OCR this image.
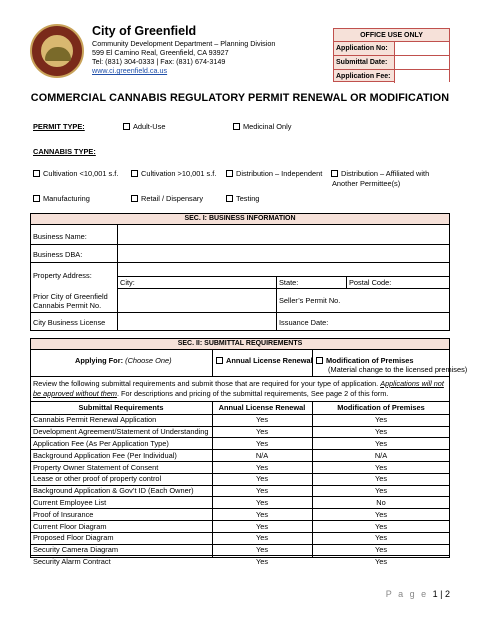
City of Greenfield
Community Development Department – Planning Division
599 El Camino Real, Greenfield, CA 93927
Tel: (831) 304-0333 | Fax: (831) 674-3149
www.ci.greenfield.ca.us
OFFICE USE ONLY
Application No:
Submittal Date:
Application Fee:
COMMERCIAL CANNABIS REGULATORY PERMIT RENEWAL OR MODIFICATION
PERMIT TYPE:	Adult-Use	Medicinal Only
CANNABIS TYPE:
Cultivation <10,001 s.f.	Cultivation >10,001 s.f.	Distribution – Independent	Distribution – Affiliated with
Another Permittee(s)
Manufacturing	Retail / Dispensary	Testing
SEC. I: BUSINESS INFORMATION
Business Name:
Business DBA:
Property Address:
City:	State:	Postal Code:
Prior City of Greenfield
Cannabis Permit No.
Seller’s Permit No.
City Business License	Issuance Date:
SEC. II: SUBMITTAL REQUIREMENTS
Applying For: (Choose One)	Annual License Renewal	Modification of Premises
(Material change to the licensed premises)
Review the following submittal requirements and submit those that are required for your type of application. Applications will not
be approved without them. For descriptions and pricing of the submittal requirements, See page 2 of this form.
Submittal Requirements	Annual License Renewal	Modification of Premises
Cannabis Permit Renewal Application	Yes	Yes
Development Agreement/Statement of Understanding	Yes	Yes
Application Fee (As Per Application Type)	Yes	Yes
Background Application Fee (Per Individual)	N/A	N/A
Property Owner Statement of Consent	Yes	Yes
Lease or other proof of property control	Yes	Yes
Background Application & Gov’t ID (Each Owner)	Yes	Yes
Current Employee List	Yes	No
Proof of Insurance	Yes	Yes
Current Floor Diagram	Yes	Yes
Proposed Floor Diagram	Yes	Yes
Security Camera Diagram	Yes	Yes
Security Alarm Contract	Yes	Yes
P a g e 1 | 2
